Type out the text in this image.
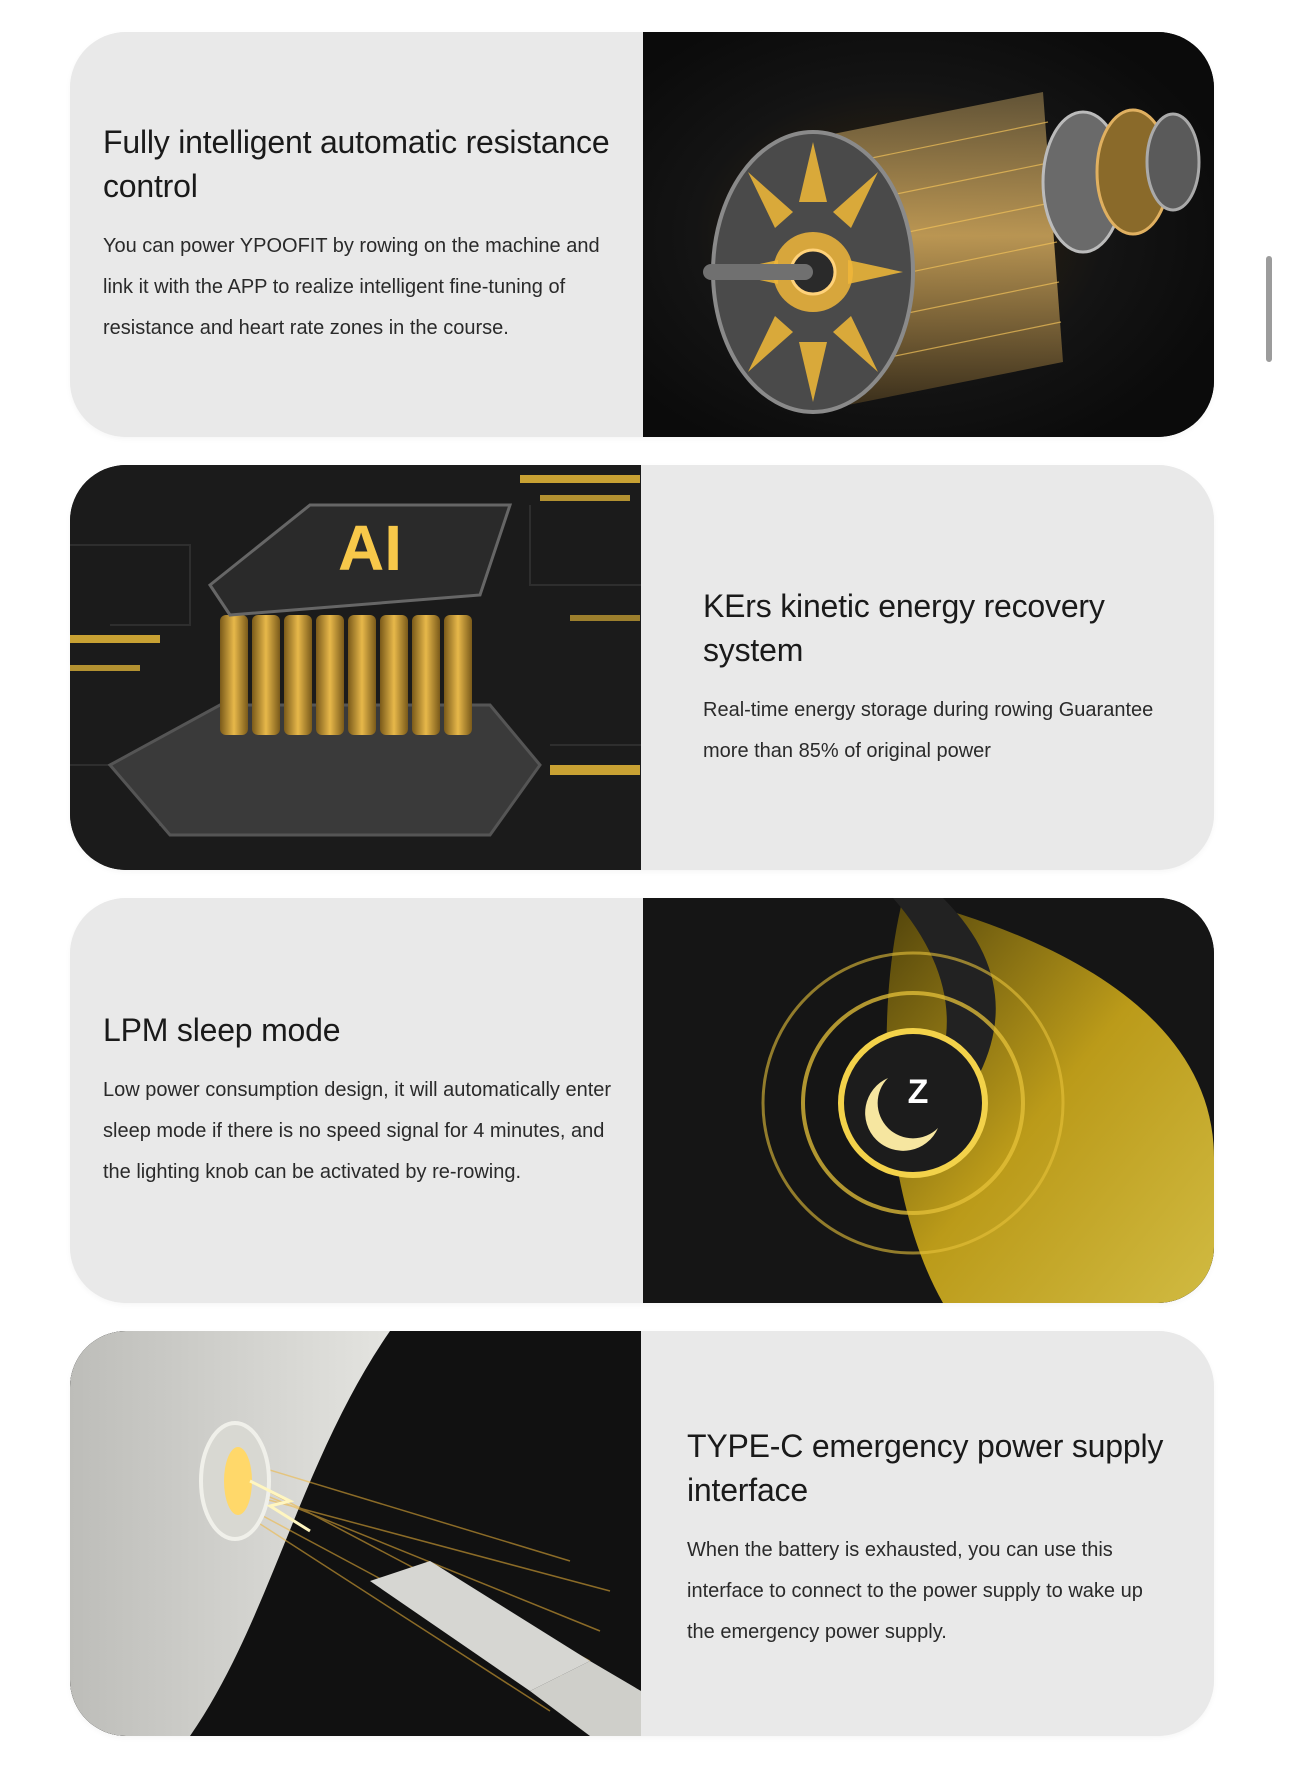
Fully intelligent automatic resistance control

You can power YPOOFIT by rowing on the machine and link it with the APP to realize intelligent fine-tuning of resistance and heart rate zones in the course.

AI
KErs kinetic energy recovery system

Real-time energy storage during rowing Guarantee more than 85% of original power

LPM sleep mode

Low power consumption design, it will automatically enter sleep mode if there is no speed signal for 4 minutes, and the lighting knob can be activated by re-rowing.

Z
TYPE-C emergency power supply interface

When the battery is exhausted, you can use this interface to connect to the power supply to wake up the emergency power supply.
